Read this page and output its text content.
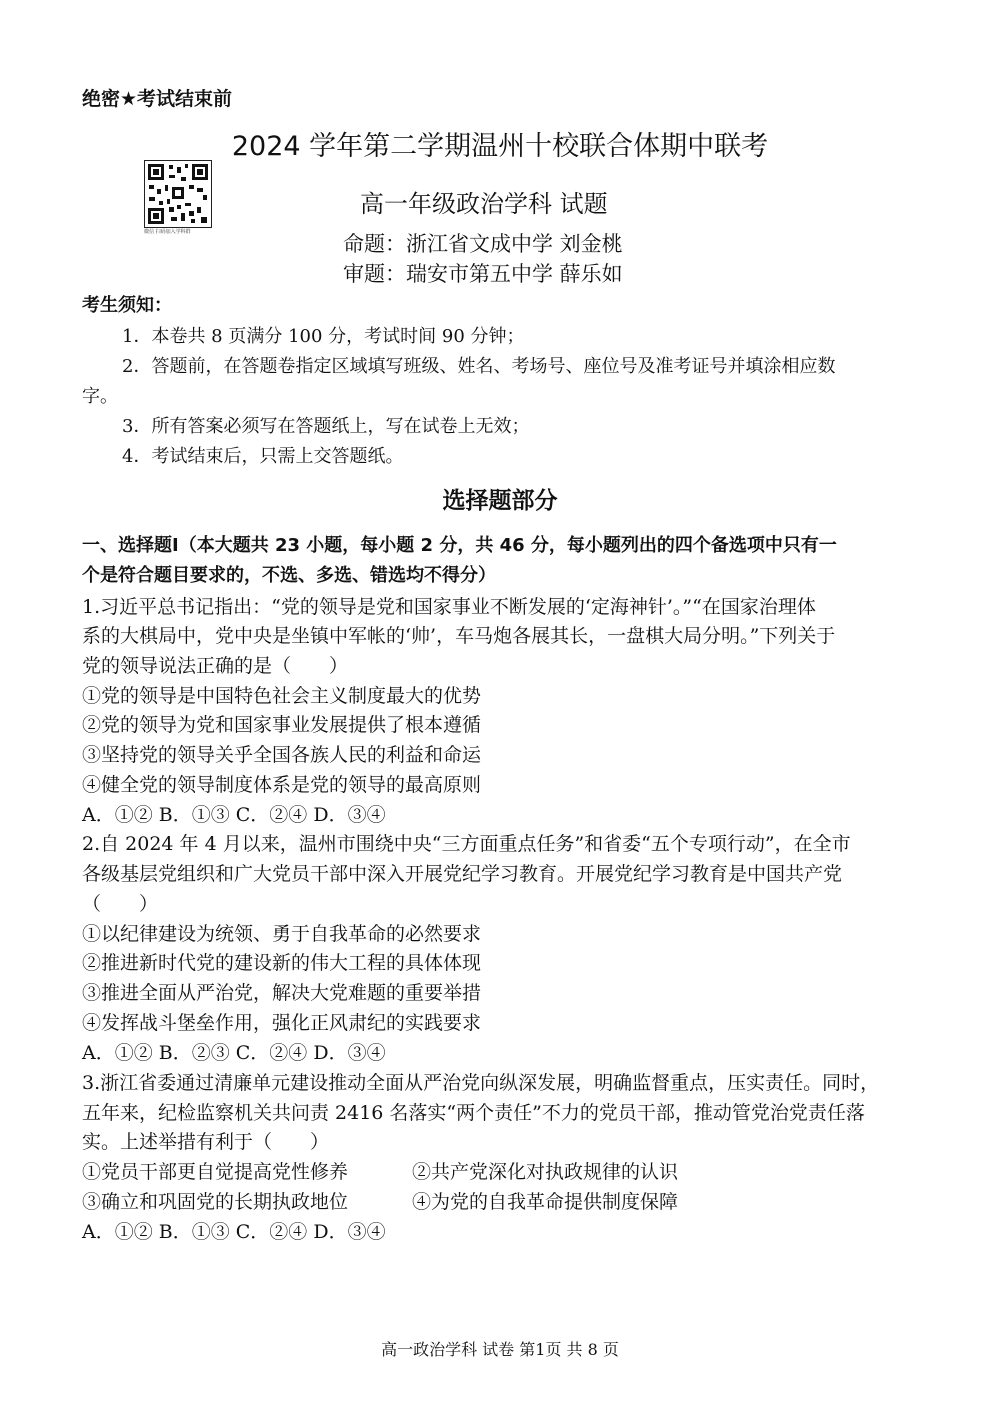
绝密★考试结束前
2024 学年第二学期温州十校联合体期中联考
微信 扫码加入学科群
高一年级政治学科 试题
命题：浙江省文成中学 刘金桃
审题：瑞安市第五中学 薛乐如
考生须知：
1．本卷共 8 页满分 100 分，考试时间 90 分钟；
2．答题前，在答题卷指定区域填写班级、姓名、考场号、座位号及准考证号并填涂相应数
字。
3．所有答案必须写在答题纸上，写在试卷上无效；
4．考试结束后，只需上交答题纸。
选择题部分
一、选择题Ⅰ（本大题共 23 小题，每小题 2 分，共 46 分，每小题列出的四个备选项中只有一
个是符合题目要求的，不选、多选、错选均不得分）
1.习近平总书记指出：“党的领导是党和国家事业不断发展的‘定海神针’。”“在国家治理体
系的大棋局中，党中央是坐镇中军帐的‘帅’，车马炮各展其长，一盘棋大局分明。”下列关于
党的领导说法正确的是（　　）
①党的领导是中国特色社会主义制度最大的优势
②党的领导为党和国家事业发展提供了根本遵循
③坚持党的领导关乎全国各族人民的利益和命运
④健全党的领导制度体系是党的领导的最高原则
A．①② B．①③ C．②④ D．③④
2.自 2024 年 4 月以来，温州市围绕中央“三方面重点任务”和省委“五个专项行动”，在全市
各级基层党组织和广大党员干部中深入开展党纪学习教育。开展党纪学习教育是中国共产党
（　　）
①以纪律建设为统领、勇于自我革命的必然要求
②推进新时代党的建设新的伟大工程的具体体现
③推进全面从严治党，解决大党难题的重要举措
④发挥战斗堡垒作用，强化正风肃纪的实践要求
A．①② B．②③ C．②④ D．③④
3.浙江省委通过清廉单元建设推动全面从严治党向纵深发展，明确监督重点，压实责任。同时，
五年来，纪检监察机关共问责 2416 名落实“两个责任”不力的党员干部，推动管党治党责任落
实。上述举措有利于（　　）
①党员干部更自觉提高党性修养	②共产党深化对执政规律的认识
③确立和巩固党的长期执政地位	④为党的自我革命提供制度保障
A．①② B．①③ C．②④ D．③④
高一政治学科 试卷 第1页 共 8 页
